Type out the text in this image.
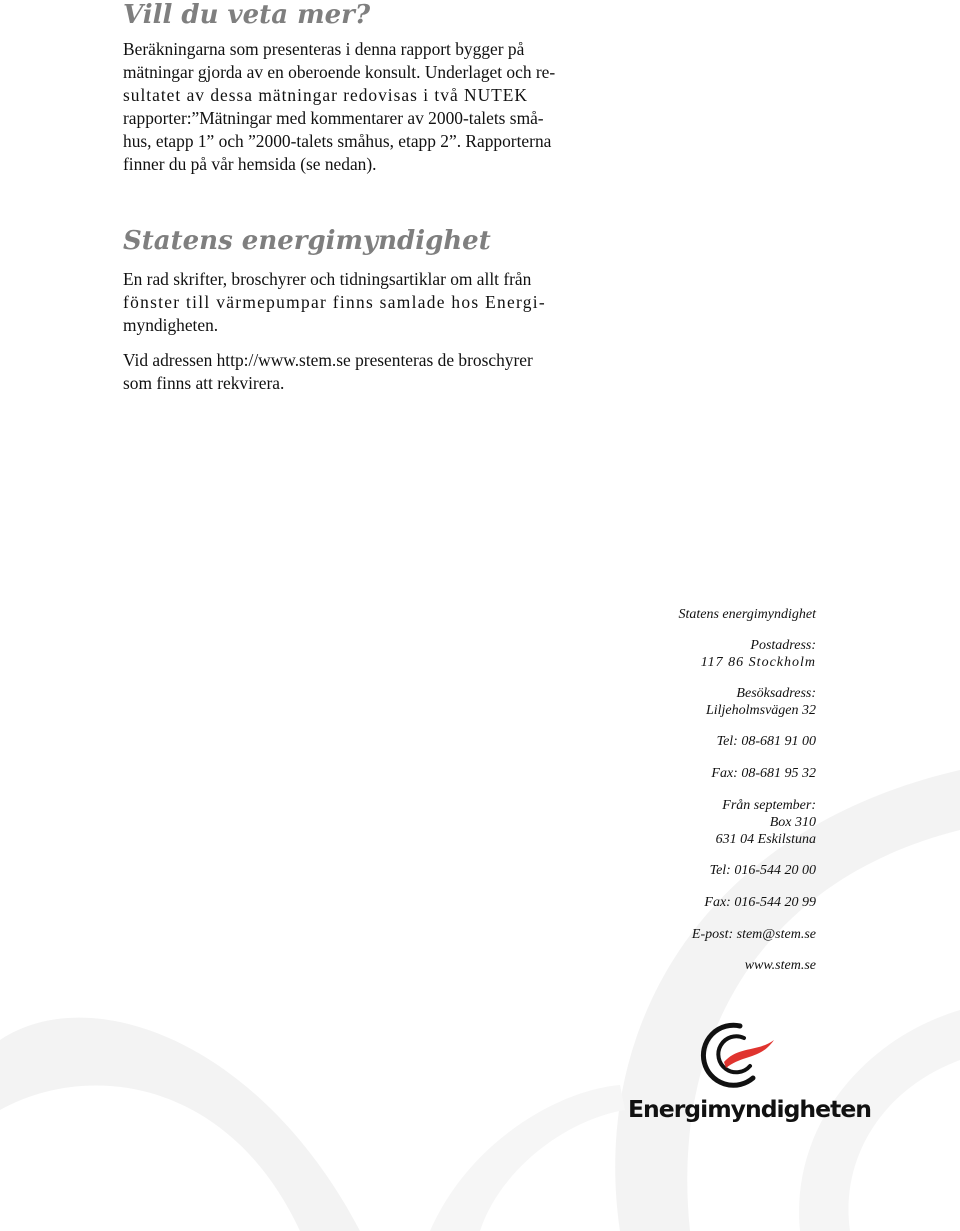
Vill du veta mer?

Beräkningarna som presenteras i denna rapport bygger på

mätningar gjorda av en oberoende konsult. Underlaget och re-

sultatet av dessa mätningar redovisas i två NUTEK

rapporter:”Mätningar med kommentarer av 2000-talets små-

hus, etapp 1” och ”2000-talets småhus, etapp 2”. Rapporterna

finner du på vår hemsida (se nedan).

Statens energimyndighet

En rad skrifter, broschyrer och tidningsartiklar om allt från

fönster till värmepumpar finns samlade hos Energi-

myndigheten.

Vid adressen http://www.stem.se presenteras de broschyrer

som finns att rekvirera.

Statens energimyndighet
Postadress:
117 86 Stockholm
Besöksadress:
Liljeholmsvägen 32
Tel: 08-681 91 00
Fax: 08-681 95 32
Från september:
Box 310
631 04 Eskilstuna
Tel: 016-544 20 00
Fax: 016-544 20 99
E-post: stem@stem.se
www.stem.se
Energimyndigheten
